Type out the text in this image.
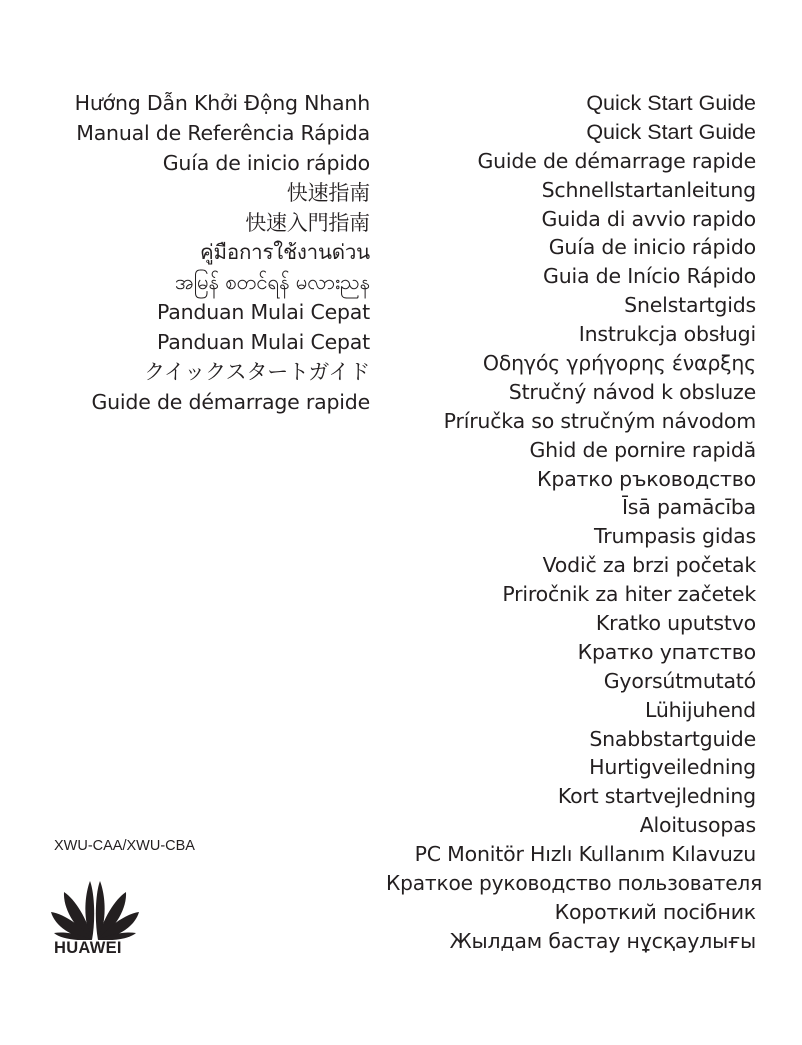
Hướng Dẫn Khởi Động Nhanh
Manual de Referência Rápida
Guía de inicio rápido
快速指南
快速入門指南
คู่มือการใช้งานด่วน
အမြန် စတင်ရန် မလားညန
Panduan Mulai Cepat
Panduan Mulai Cepat
クイックスタートガイド
Guide de démarrage rapide
Quick Start Guide
Quick Start Guide
Guide de démarrage rapide
Schnellstartanleitung
Guida di avvio rapido
Guía de inicio rápido
Guia de Início Rápido
Snelstartgids
Instrukcja obsługi
Οδηγός γρήγορης έναρξης
Stručný návod k obsluze
Príručka so stručným návodom
Ghid de pornire rapidă
Кратко ръководство
Īsā pamācība
Trumpasis gidas
Vodič za brzi početak
Priročnik za hiter začetek
Kratko uputstvo
Кратко упатство
Gyorsútmutató
Lühijuhend
Snabbstartguide
Hurtigveiledning
Kort startvejledning
Aloitusopas
PC Monitör Hızlı Kullanım Kılavuzu
Краткое руководство пользователя
Короткий посібник
Жылдам бастау нұсқаулығы
XWU-CAA/XWU-CBA
HUAWEI
